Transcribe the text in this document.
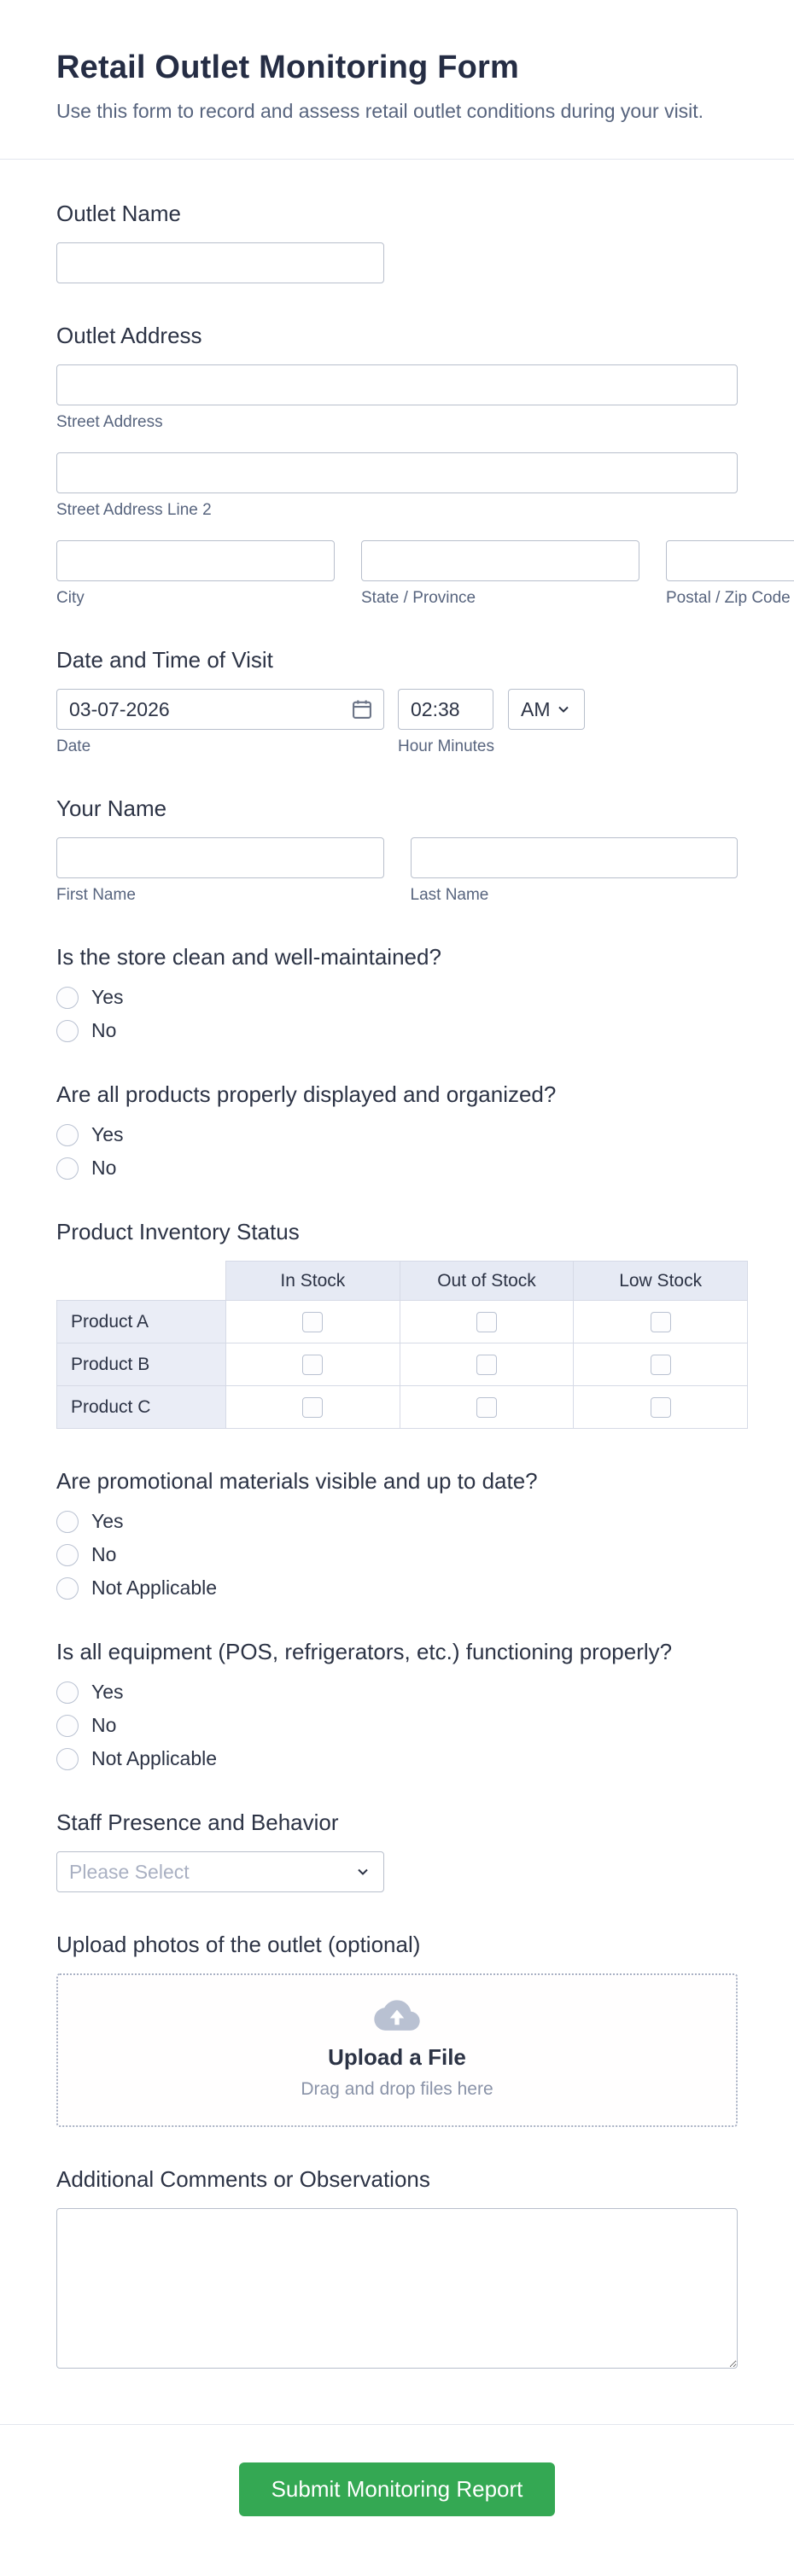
Retail Outlet Monitoring Form
Use this form to record and assess retail outlet conditions during your visit.
Outlet Name
Outlet Address
Street Address
Street Address Line 2
City	State / Province	Postal / Zip Code
Date and Time of Visit
03-07-2026
Date
02:38	Hour Minutes
AM
Your Name
First Name	Last Name
Is the store clean and well-maintained?
Yes
No
Are all products properly displayed and organized?
Yes
No
Product Inventory Status
	In Stock	Out of Stock	Low Stock
Product A			
Product B			
Product C			
Are promotional materials visible and up to date?
Yes
No
Not Applicable
Is all equipment (POS, refrigerators, etc.) functioning properly?
Yes
No
Not Applicable
Staff Presence and Behavior
Please Select
Upload photos of the outlet (optional)
Upload a File
Drag and drop files here
Additional Comments or Observations
Submit Monitoring Report
